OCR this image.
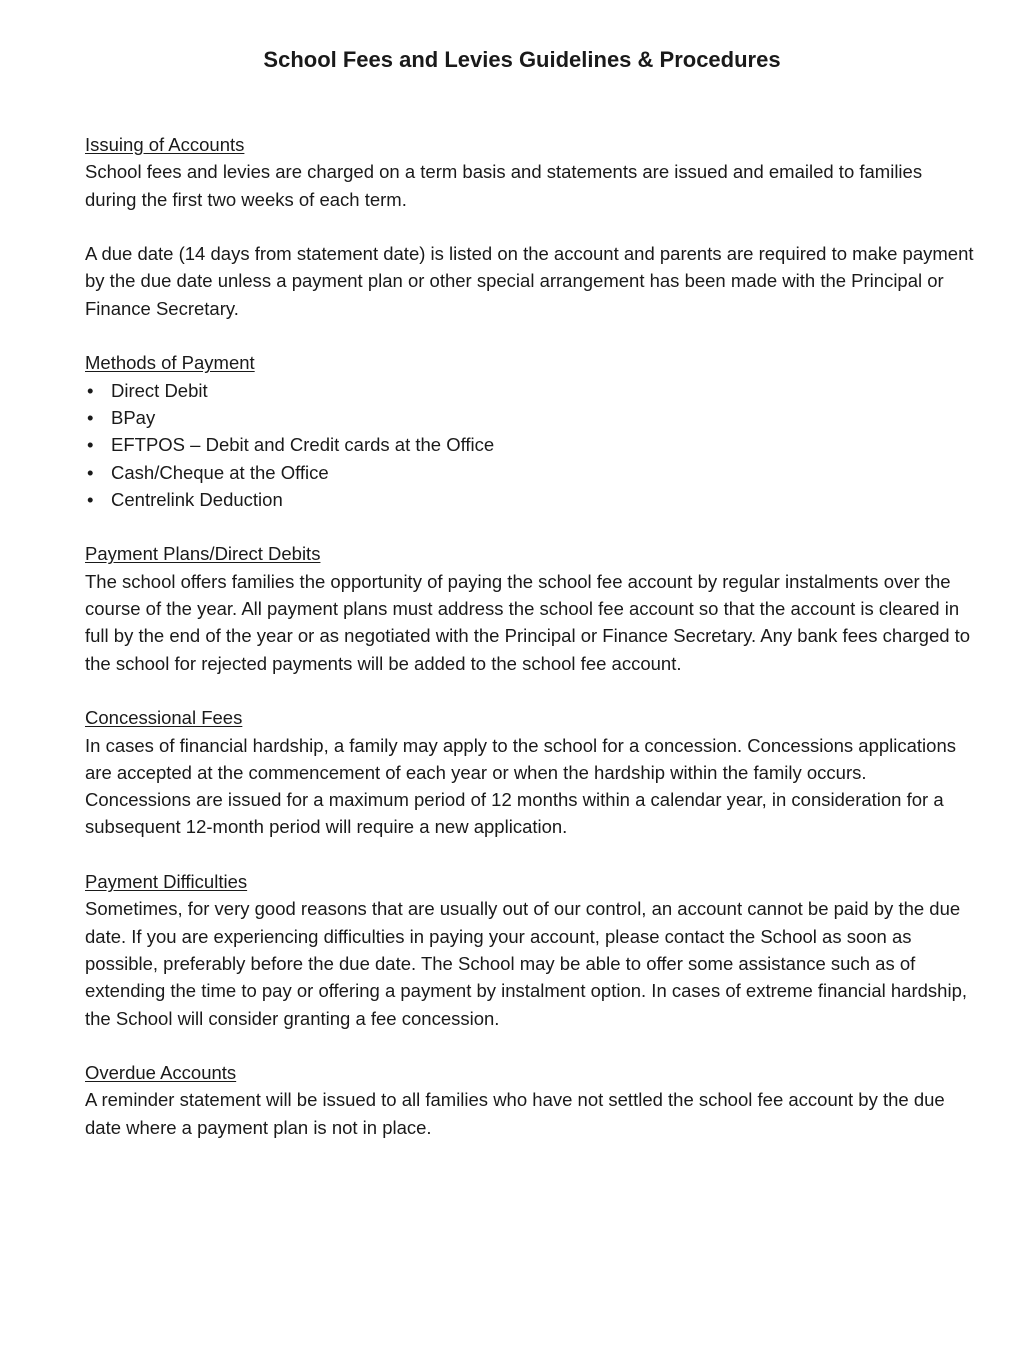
School Fees and Levies Guidelines & Procedures
Issuing of Accounts

School fees and levies are charged on a term basis and statements are issued and emailed to families during the first two weeks of each term.

A due date (14 days from statement date) is listed on the account and parents are required to make payment by the due date unless a payment plan or other special arrangement has been made with the Principal or Finance Secretary.

Methods of Payment
• Direct Debit
• BPay
• EFTPOS – Debit and Credit cards at the Office
• Cash/Cheque at the Office
• Centrelink Deduction
Payment Plans/Direct Debits

The school offers families the opportunity of paying the school fee account by regular instalments over the course of the year. All payment plans must address the school fee account so that the account is cleared in full by the end of the year or as negotiated with the Principal or Finance Secretary. Any bank fees charged to the school for rejected payments will be added to the school fee account.

Concessional Fees

In cases of financial hardship, a family may apply to the school for a concession. Concessions applications are accepted at the commencement of each year or when the hardship within the family occurs. Concessions are issued for a maximum period of 12 months within a calendar year, in consideration for a subsequent 12-month period will require a new application.

Payment Difficulties

Sometimes, for very good reasons that are usually out of our control, an account cannot be paid by the due date. If you are experiencing difficulties in paying your account, please contact the School as soon as possible, preferably before the due date. The School may be able to offer some assistance such as of extending the time to pay or offering a payment by instalment option. In cases of extreme financial hardship, the School will consider granting a fee concession.

Overdue Accounts

A reminder statement will be issued to all families who have not settled the school fee account by the due date where a payment plan is not in place.
